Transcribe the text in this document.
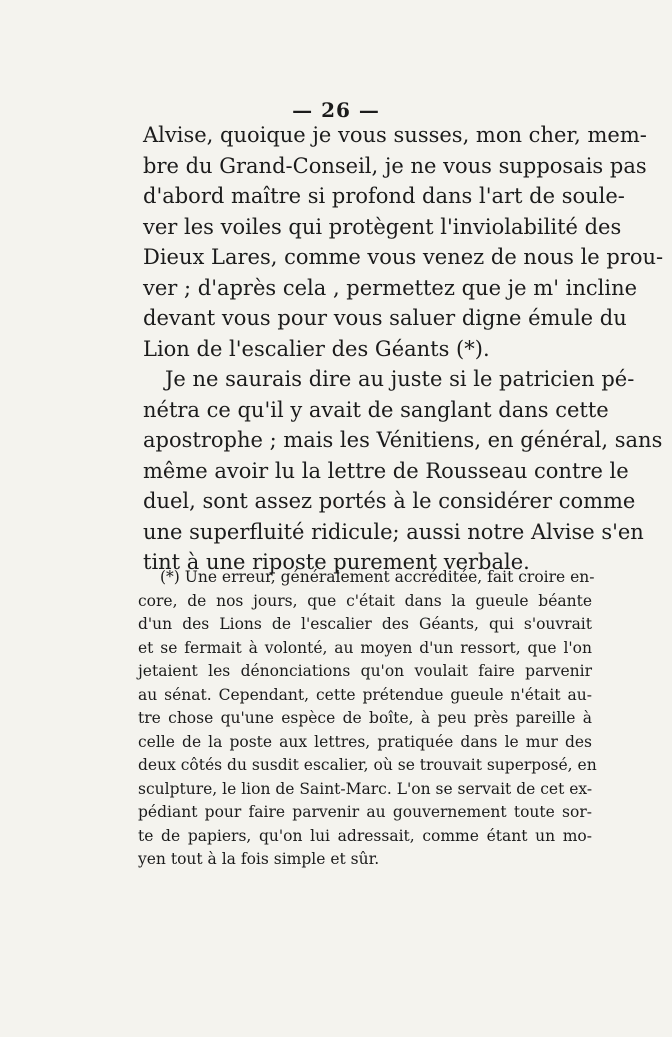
— 26 —
Alvise, quoique je vous susses, mon cher, mem-
bre du Grand-Conseil, je ne vous supposais pas
d'abord maître si profond dans l'art de soule-
ver les voiles qui protègent l'inviolabilité des
Dieux Lares, comme vous venez de nous le prou-
ver ; d'après cela , permettez que je m' incline
devant vous pour vous saluer digne émule du
Lion de l'escalier des Géants (*).
Je ne saurais dire au juste si le patricien pé-
nétra ce qu'il y avait de sanglant dans cette
apostrophe ; mais les Vénitiens, en général, sans
même avoir lu la lettre de Rousseau contre le
duel, sont assez portés à le considérer comme
une superfluité ridicule; aussi notre Alvise s'en
tint à une riposte purement verbale.
(*) Une erreur, généralement accréditée, fait croire en-
core, de nos jours, que c'était dans la gueule béante
d'un des Lions de l'escalier des Géants, qui s'ouvrait
et se fermait à volonté, au moyen d'un ressort, que l'on
jetaient les dénonciations qu'on voulait faire parvenir
au sénat. Cependant, cette prétendue gueule n'était au-
tre chose qu'une espèce de boîte, à peu près pareille à
celle de la poste aux lettres, pratiquée dans le mur des
deux côtés du susdit escalier, où se trouvait superposé, en
sculpture, le lion de Saint-Marc. L'on se servait de cet ex-
pédiant pour faire parvenir au gouvernement toute sor-
te de papiers, qu'on lui adressait, comme étant un mo-
yen tout à la fois simple et sûr.
